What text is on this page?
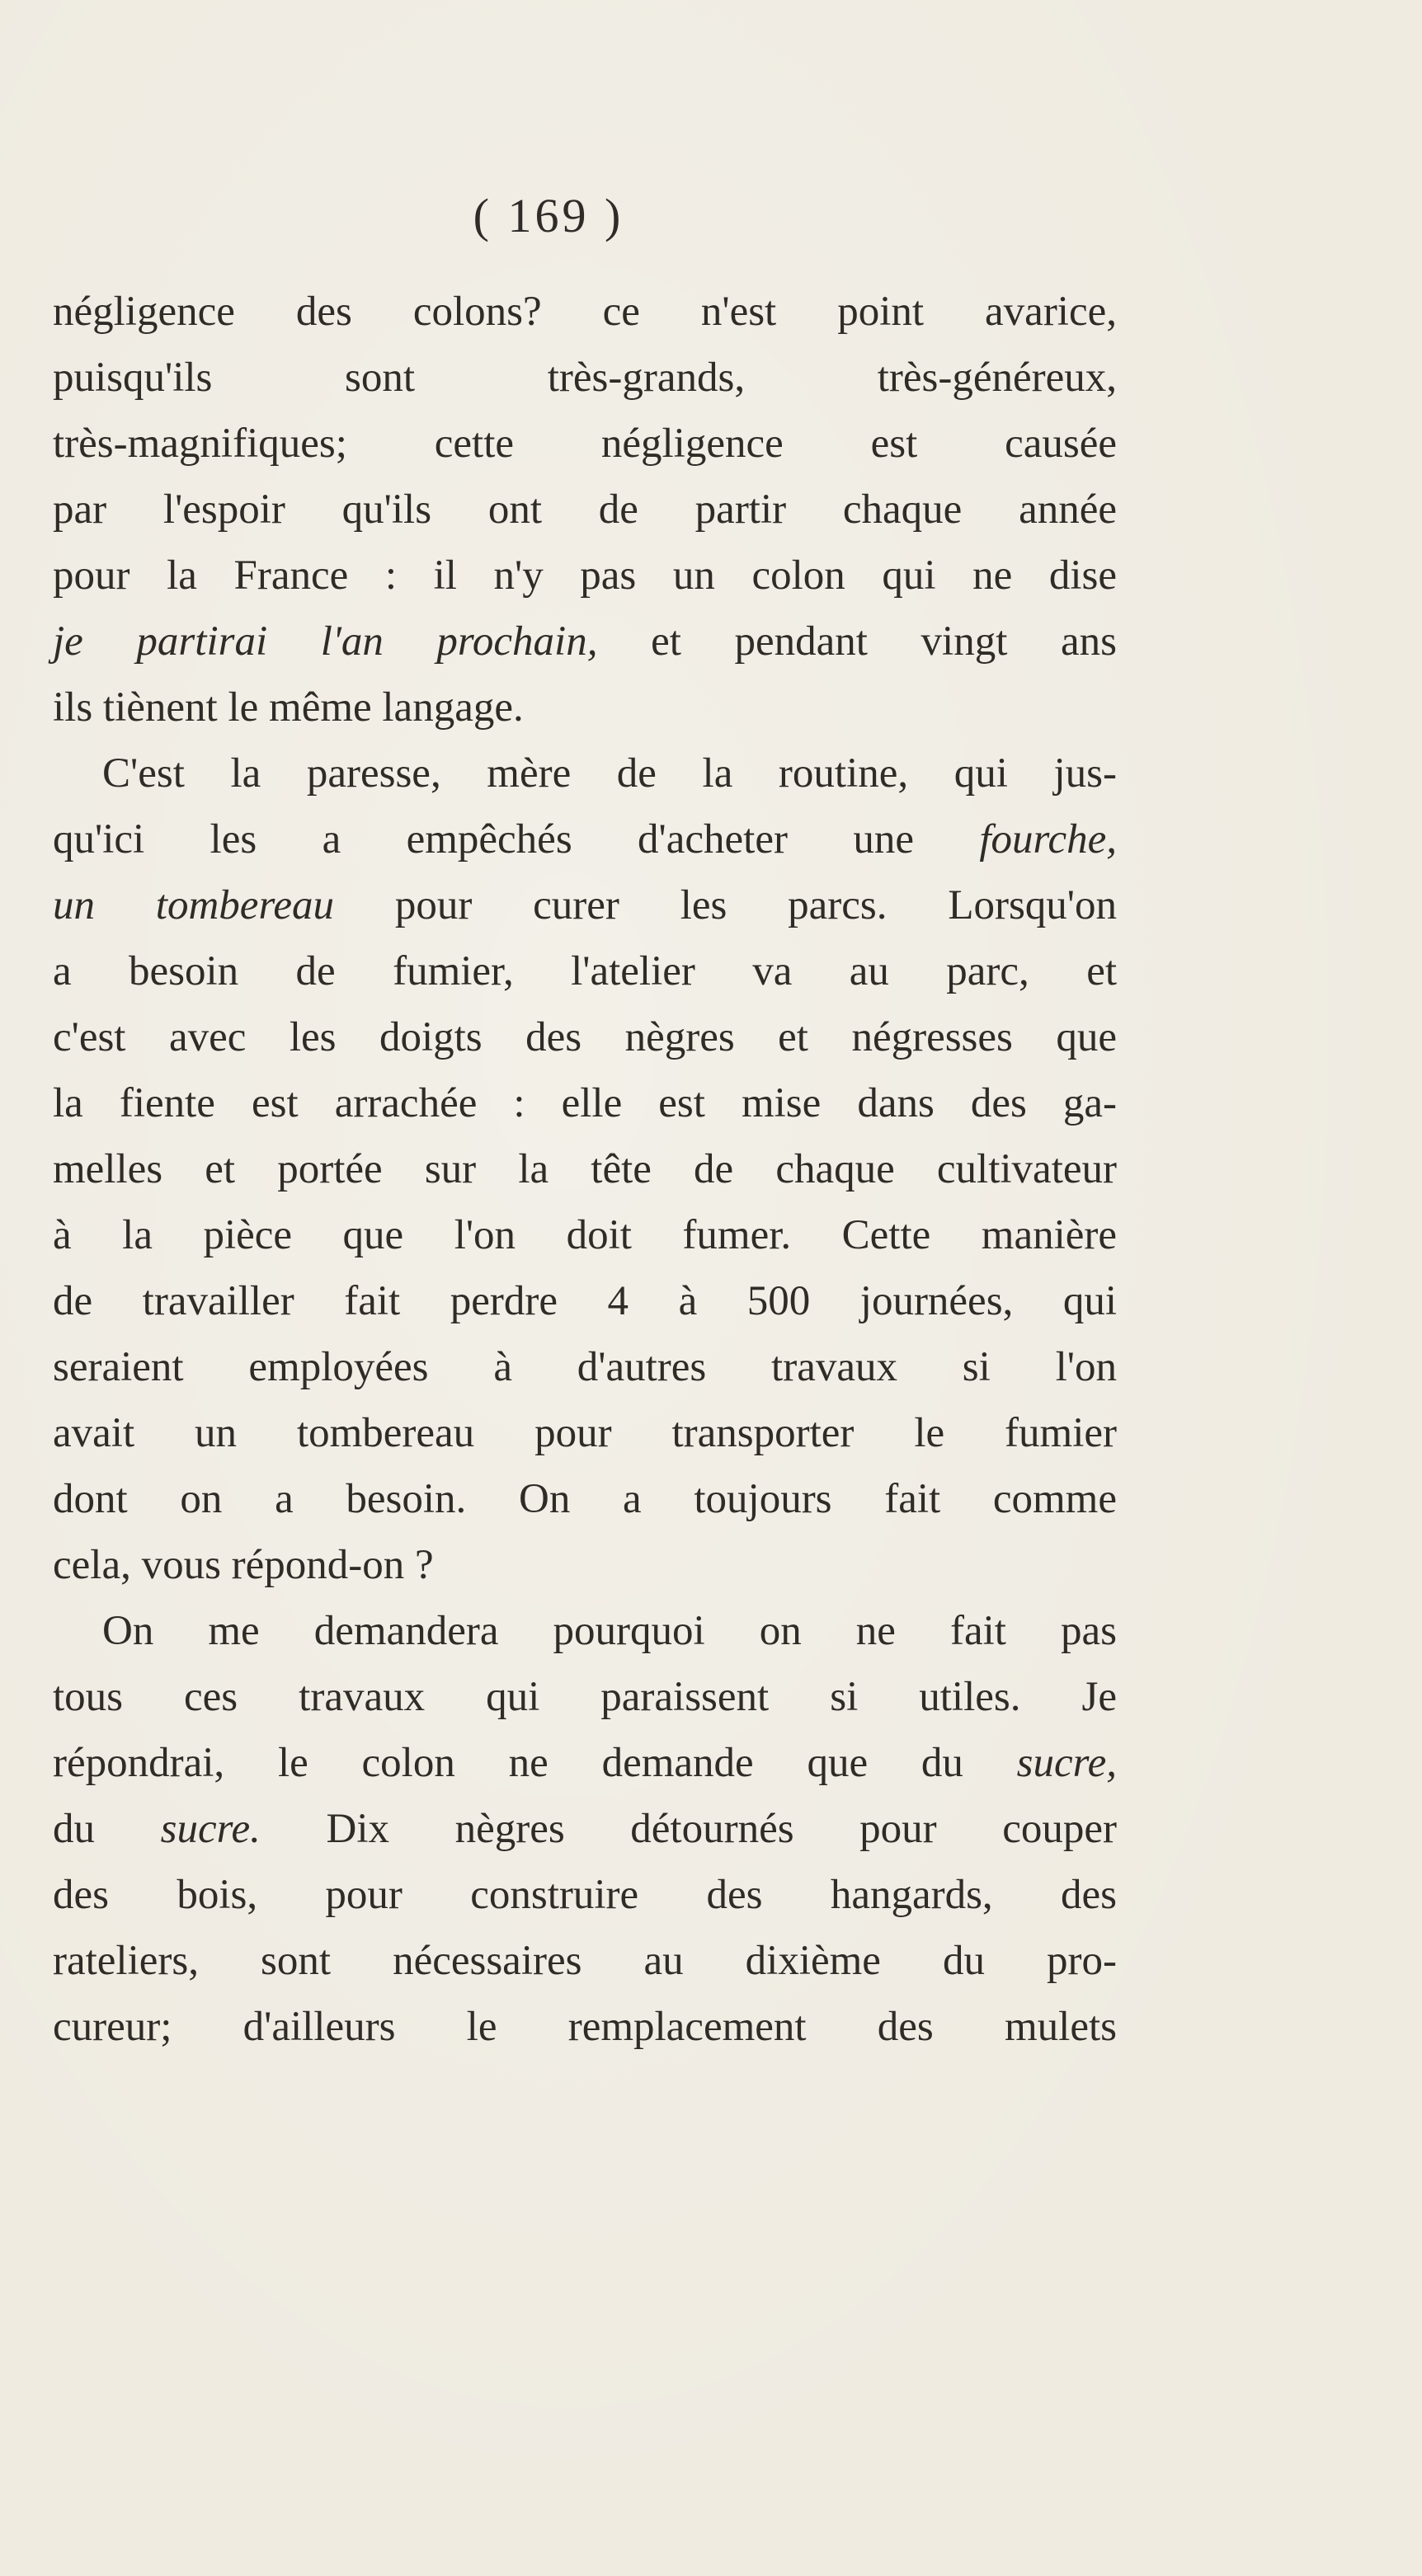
( 169 )
négligence des colons? ce n'est point avarice,
puisqu'ils sont très-grands, très-généreux,
très-magnifiques; cette négligence est causée
par l'espoir qu'ils ont de partir chaque année
pour la France : il n'y pas un colon qui ne dise
je partirai l'an prochain, et pendant vingt ans
ils tiènent le même langage.
C'est la paresse, mère de la routine, qui jus-
qu'ici les a empêchés d'acheter une fourche,
un tombereau pour curer les parcs. Lorsqu'on
a besoin de fumier, l'atelier va au parc, et
c'est avec les doigts des nègres et négresses que
la fiente est arrachée : elle est mise dans des ga-
melles et portée sur la tête de chaque cultivateur
à la pièce que l'on doit fumer. Cette manière
de travailler fait perdre 4 à 500 journées, qui
seraient employées à d'autres travaux si l'on
avait un tombereau pour transporter le fumier
dont on a besoin. On a toujours fait comme
cela, vous répond-on ?
On me demandera pourquoi on ne fait pas
tous ces travaux qui paraissent si utiles. Je
répondrai, le colon ne demande que du sucre,
du sucre. Dix nègres détournés pour couper
des bois, pour construire des hangards, des
rateliers, sont nécessaires au dixième du pro-
cureur; d'ailleurs le remplacement des mulets
